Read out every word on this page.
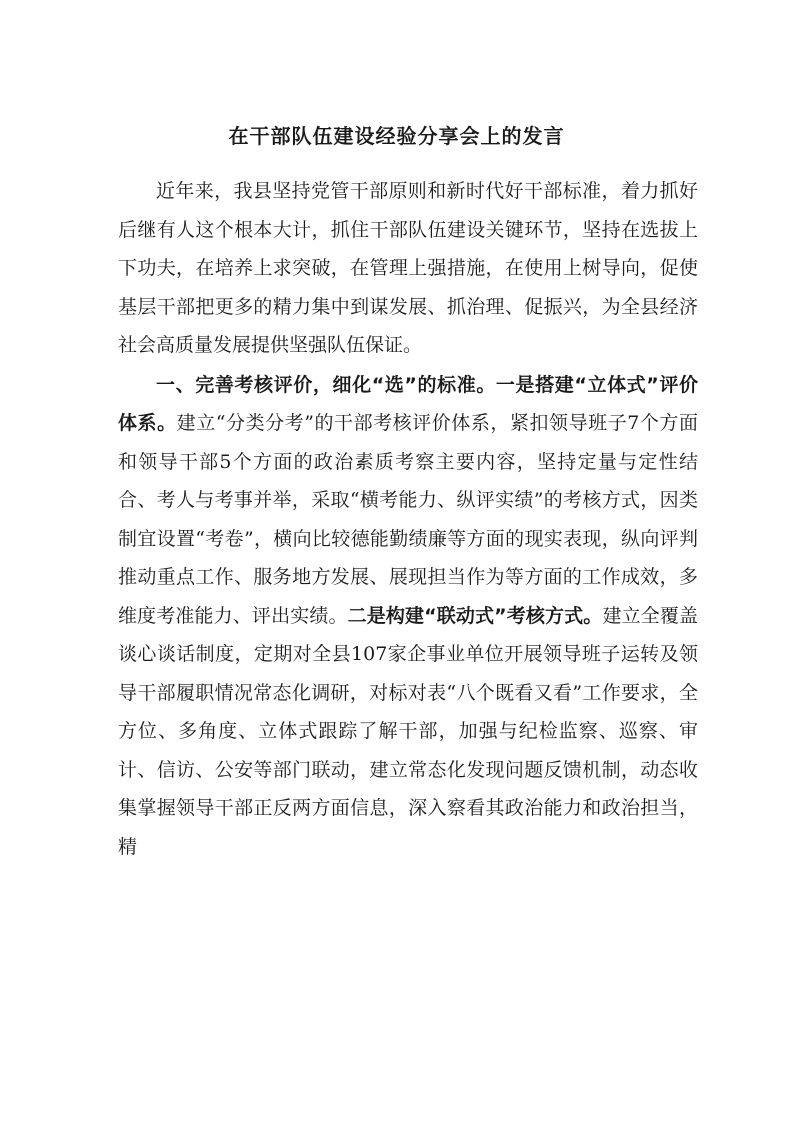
在干部队伍建设经验分享会上的发言

近年来，我县坚持党管干部原则和新时代好干部标准，着力抓好后继有人这个根本大计，抓住干部队伍建设关键环节，坚持在选拔上下功夫，在培养上求突破，在管理上强措施，在使用上树导向，促使基层干部把更多的精力集中到谋发展、抓治理、促振兴，为全县经济社会高质量发展提供坚强队伍保证。

一、完善考核评价，细化“选”的标准。一是搭建“立体式”评价体系。建立“分类分考”的干部考核评价体系，紧扣领导班子7个方面和领导干部5个方面的政治素质考察主要内容，坚持定量与定性结合、考人与考事并举，采取“横考能力、纵评实绩”的考核方式，因类制宜设置“考卷”，横向比较德能勤绩廉等方面的现实表现，纵向评判推动重点工作、服务地方发展、展现担当作为等方面的工作成效，多维度考准能力、评出实绩。二是构建“联动式”考核方式。建立全覆盖谈心谈话制度，定期对全县107家企事业单位开展领导班子运转及领导干部履职情况常态化调研，对标对表“八个既看又看”工作要求，全方位、多角度、立体式跟踪了解干部，加强与纪检监察、巡察、审计、信访、公安等部门联动，建立常态化发现问题反馈机制，动态收集掌握领导干部正反两方面信息，深入察看其政治能力和政治担当，精
